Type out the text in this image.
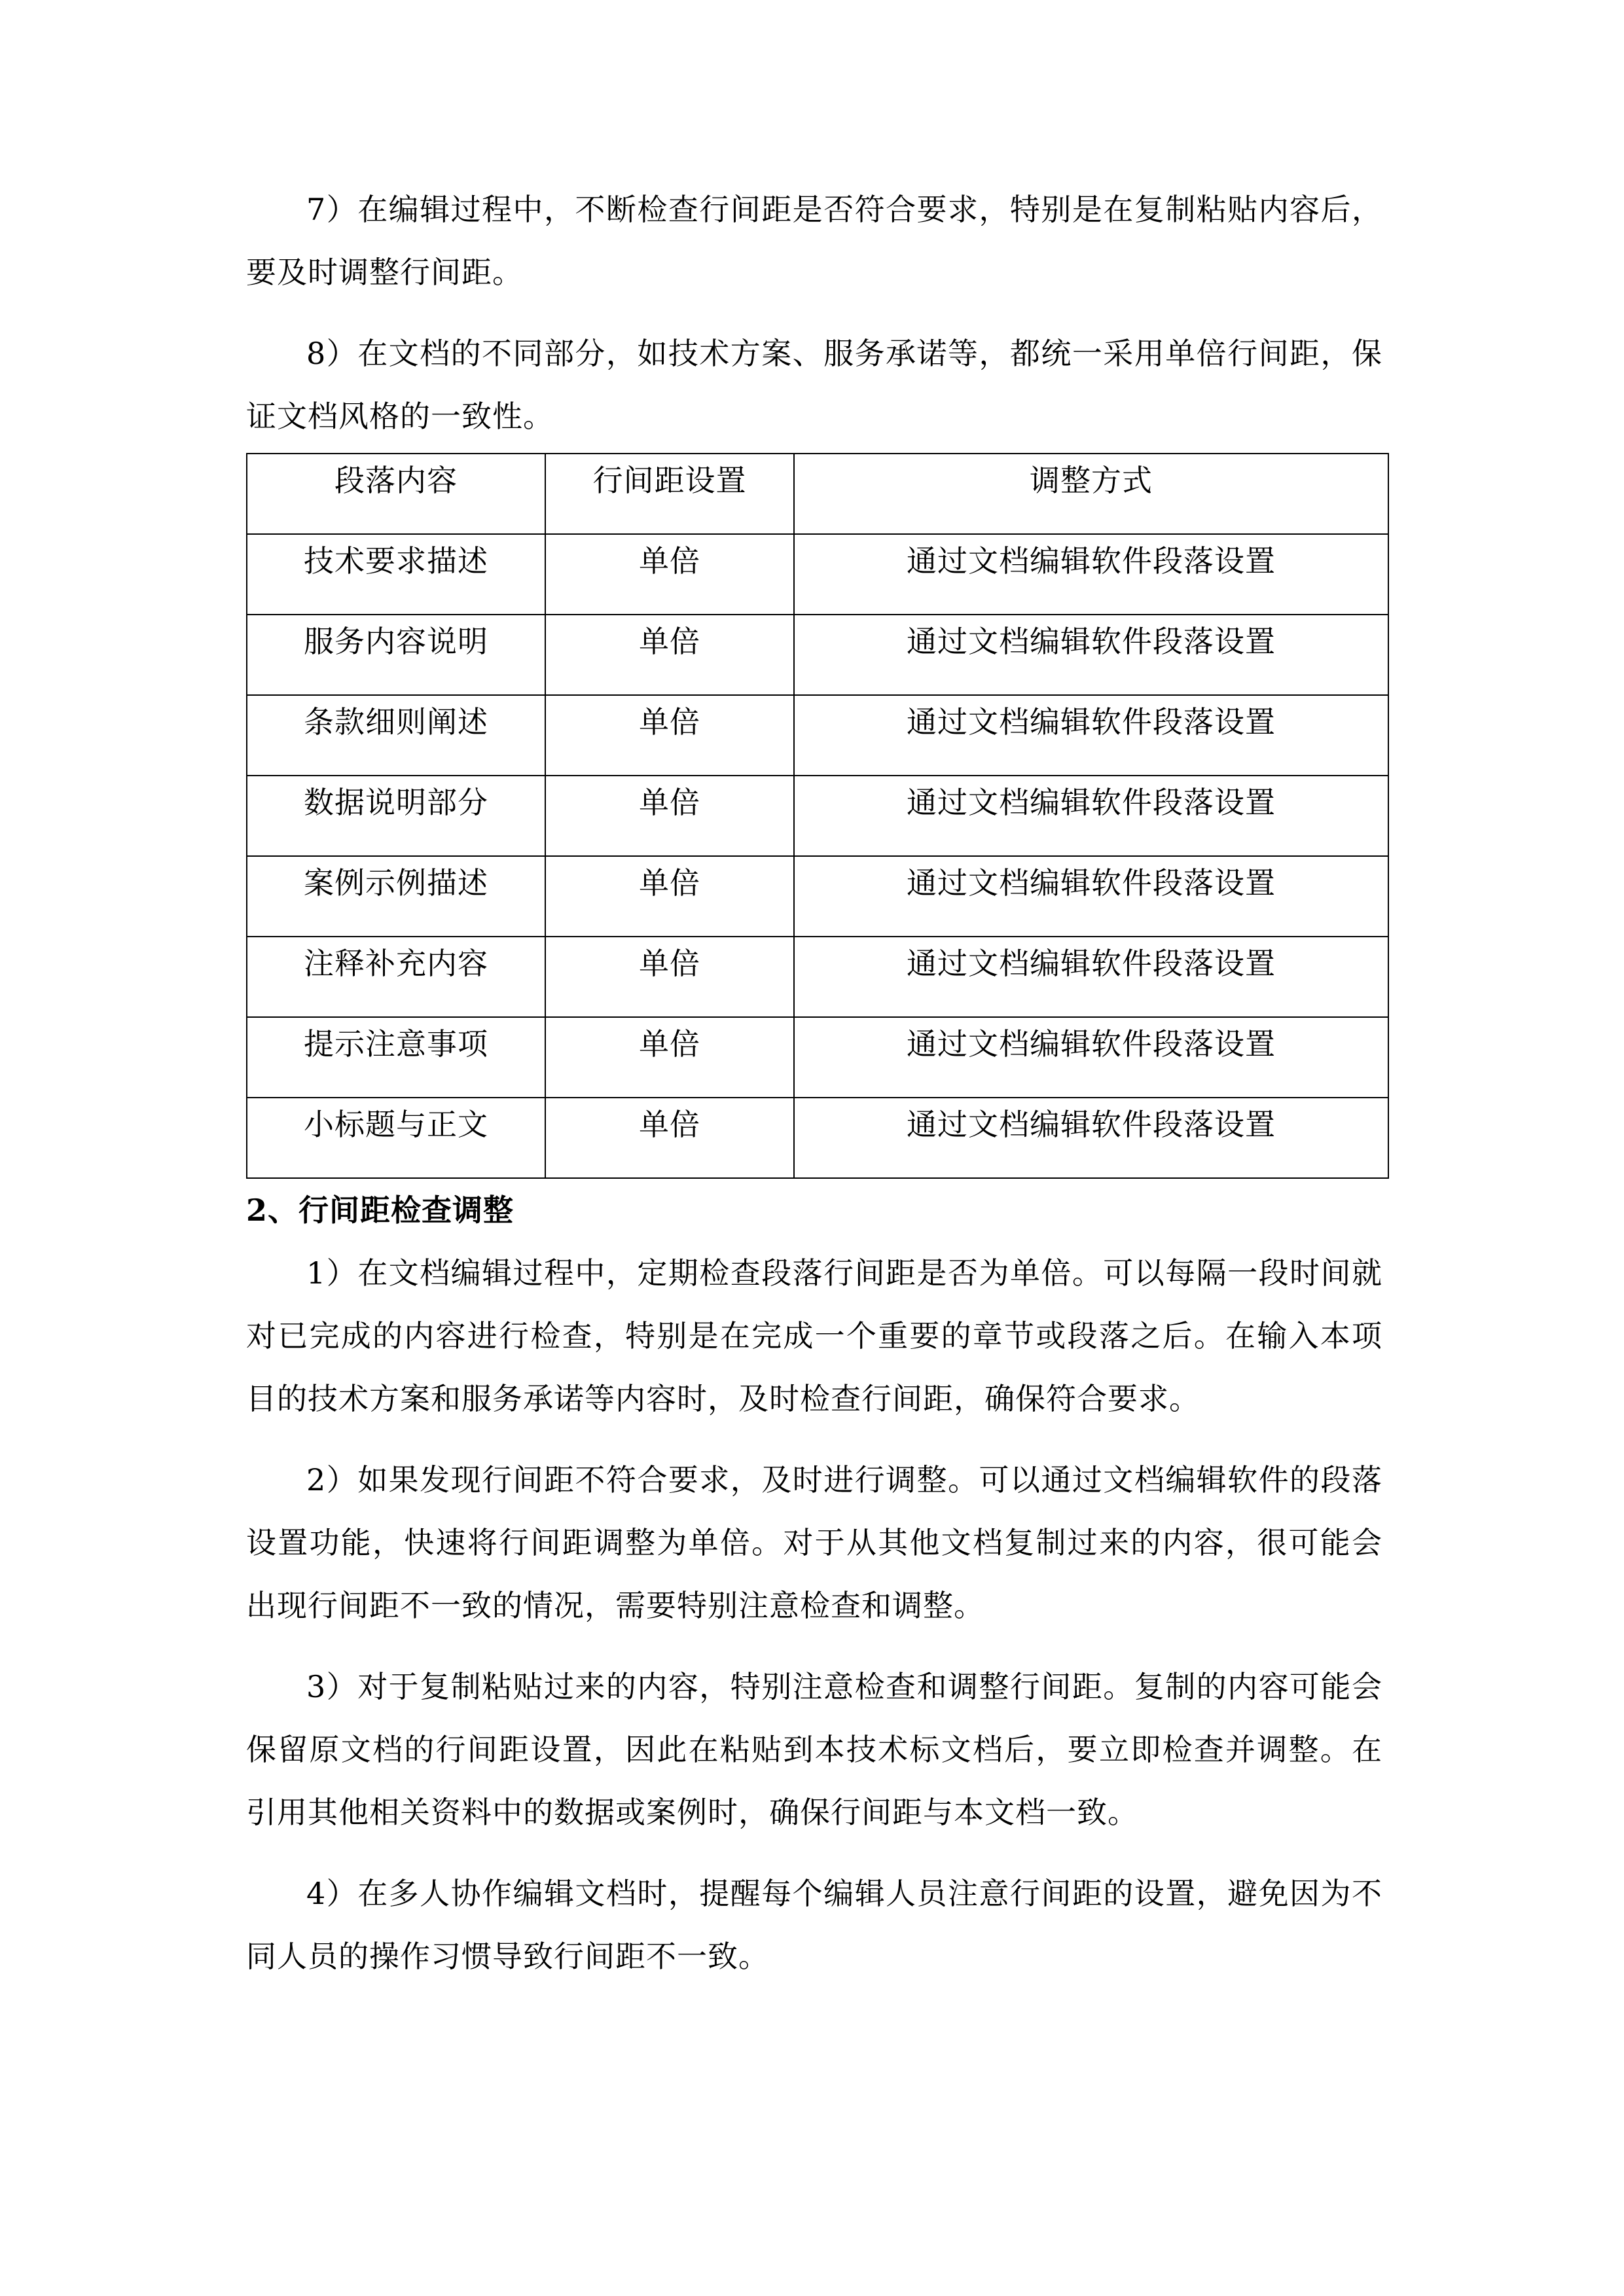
7）在编辑过程中，不断检查行间距是否符合要求，特别是在复制粘贴内容后，要及时调整行间距。

8）在文档的不同部分，如技术方案、服务承诺等，都统一采用单倍行间距，保证文档风格的一致性。

段落内容	行间距设置	调整方式
技术要求描述	单倍	通过文档编辑软件段落设置
服务内容说明	单倍	通过文档编辑软件段落设置
条款细则阐述	单倍	通过文档编辑软件段落设置
数据说明部分	单倍	通过文档编辑软件段落设置
案例示例描述	单倍	通过文档编辑软件段落设置
注释补充内容	单倍	通过文档编辑软件段落设置
提示注意事项	单倍	通过文档编辑软件段落设置
小标题与正文	单倍	通过文档编辑软件段落设置
2、行间距检查调整

1）在文档编辑过程中，定期检查段落行间距是否为单倍。可以每隔一段时间就对已完成的内容进行检查，特别是在完成一个重要的章节或段落之后。在输入本项目的技术方案和服务承诺等内容时，及时检查行间距，确保符合要求。

2）如果发现行间距不符合要求，及时进行调整。可以通过文档编辑软件的段落设置功能，快速将行间距调整为单倍。对于从其他文档复制过来的内容，很可能会出现行间距不一致的情况，需要特别注意检查和调整。

3）对于复制粘贴过来的内容，特别注意检查和调整行间距。复制的内容可能会保留原文档的行间距设置，因此在粘贴到本技术标文档后，要立即检查并调整。在引用其他相关资料中的数据或案例时，确保行间距与本文档一致。

4）在多人协作编辑文档时，提醒每个编辑人员注意行间距的设置，避免因为不同人员的操作习惯导致行间距不一致。
